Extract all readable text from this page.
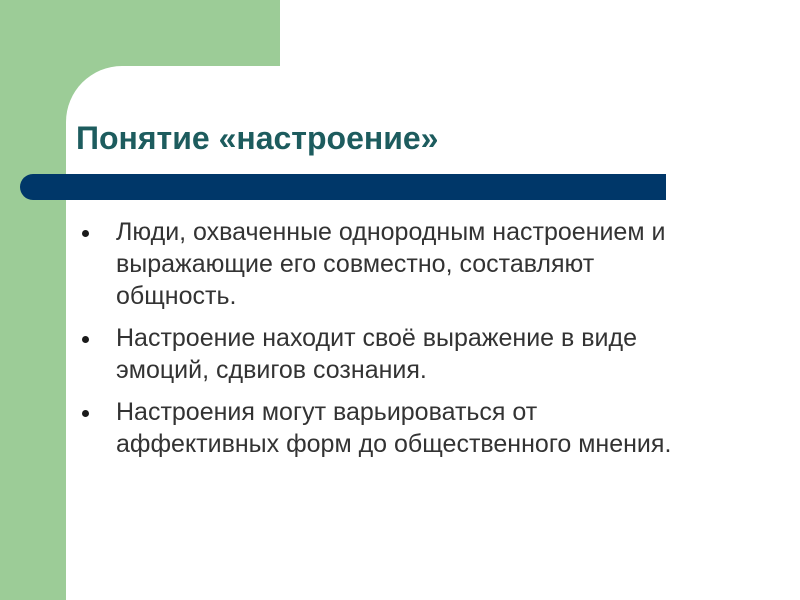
Понятие «настроение»
Люди, охваченные однородным настроением и выражающие его совместно, составляют общность.
Настроение находит своё выражение в виде эмоций, сдвигов сознания.
Настроения могут варьироваться от аффективных форм до общественного мнения.
